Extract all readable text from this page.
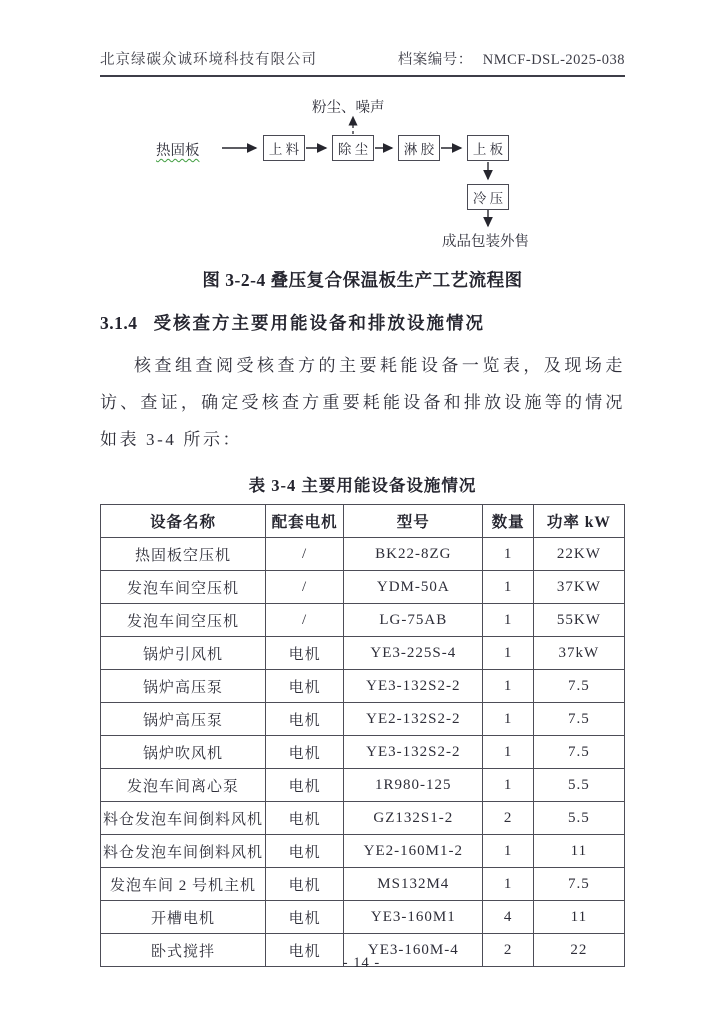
北京绿碳众诚环境科技有限公司	档案编号： NMCF-DSL-2025-038
粉尘、噪声
热固板	上 料	除 尘	淋 胶	上 板
冷 压
成品包装外售
图 3-2-4 叠压复合保温板生产工艺流程图
3.1.4 受核查方主要用能设备和排放设施情况

核查组查阅受核查方的主要耗能设备一览表，及现场走访、查证，确定受核查方重要耗能设备和排放设施等的情况如表 3-4 所示：

表 3-4 主要用能设备设施情况
设备名称	配套电机	型号	数量	功率 kW
热固板空压机	/	BK22-8ZG	1	22KW
发泡车间空压机	/	YDM-50A	1	37KW
发泡车间空压机	/	LG-75AB	1	55KW
锅炉引风机	电机	YE3-225S-4	1	37kW
锅炉高压泵	电机	YE3-132S2-2	1	7.5
锅炉高压泵	电机	YE2-132S2-2	1	7.5
锅炉吹风机	电机	YE3-132S2-2	1	7.5
发泡车间离心泵	电机	1R980-125	1	5.5
料仓发泡车间倒料风机	电机	GZ132S1-2	2	5.5
料仓发泡车间倒料风机	电机	YE2-160M1-2	1	11
发泡车间 2 号机主机	电机	MS132M4	1	7.5
开槽电机	电机	YE3-160M1	4	11
卧式搅拌	电机	YE3-160M-4	2	22
- 14 -
